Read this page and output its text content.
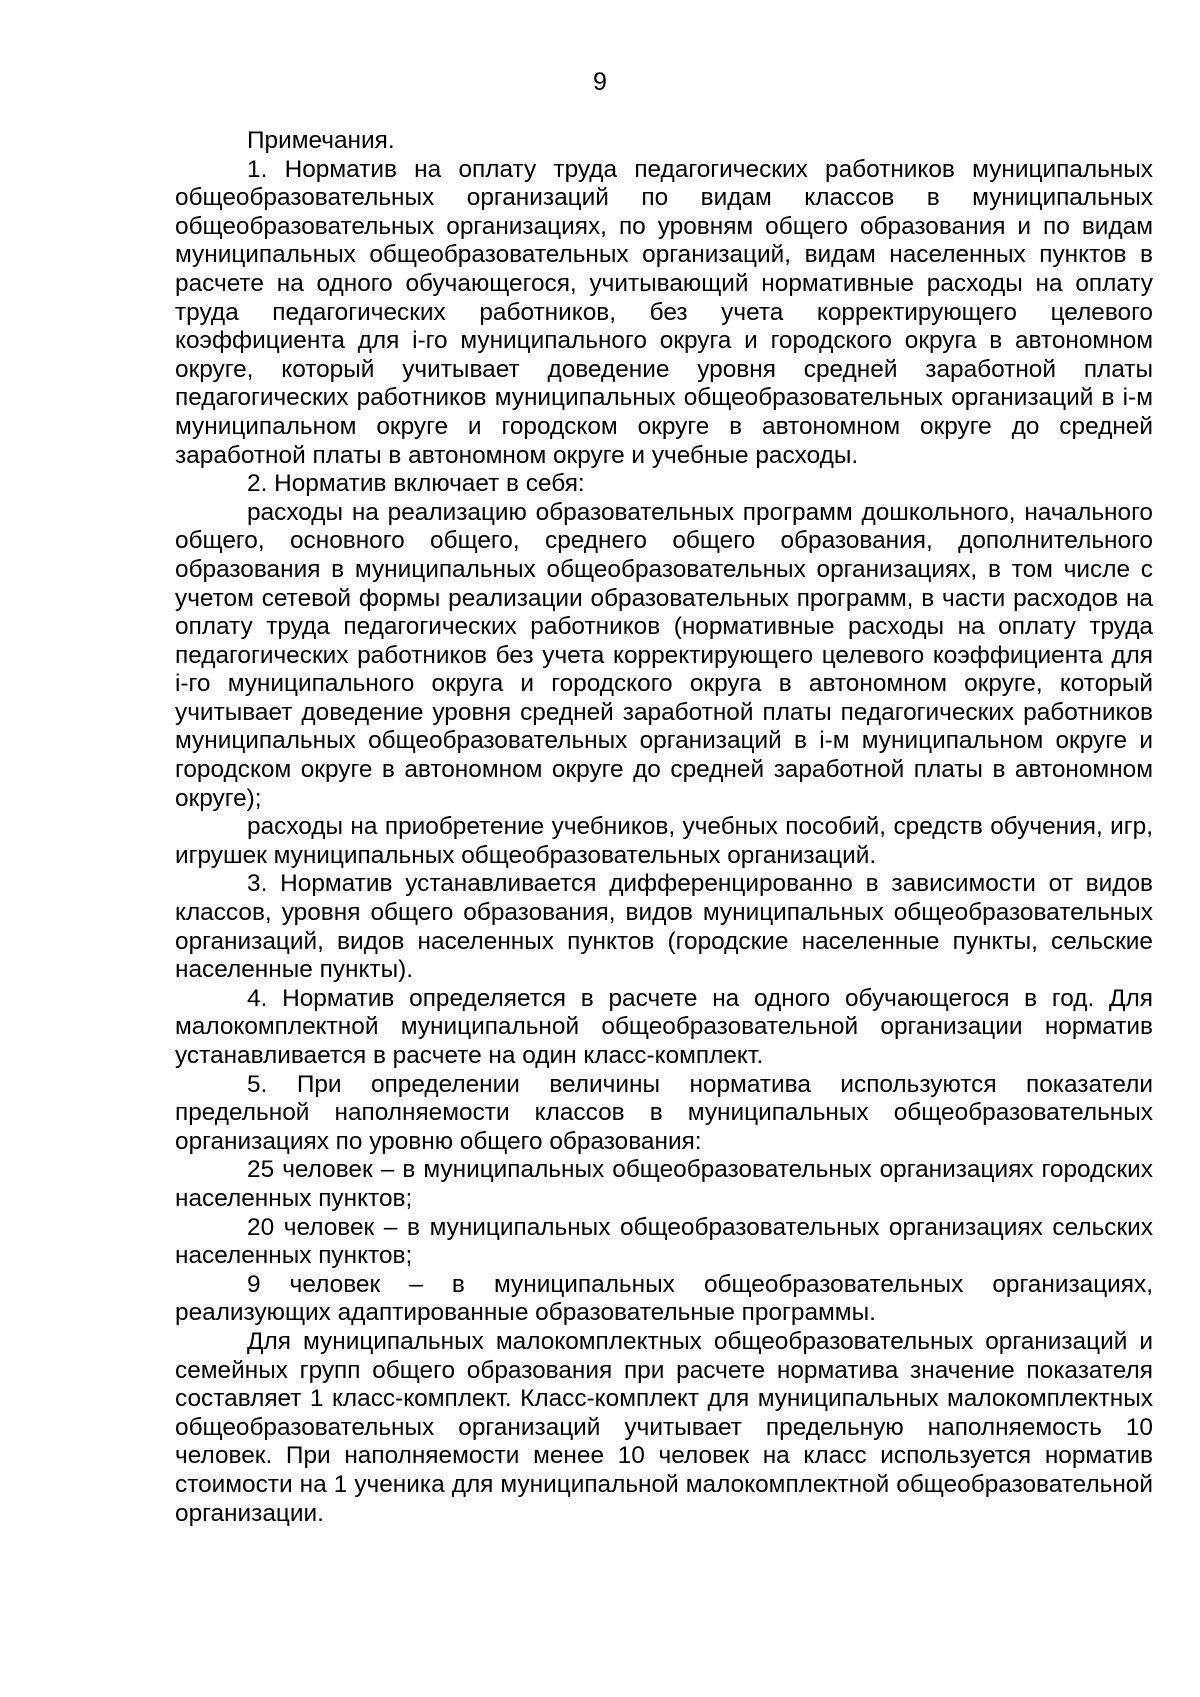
9

Примечания.

1. Норматив на оплату труда педагогических работников муниципальных общеобразовательных организаций по видам классов в муниципальных общеобразовательных организациях, по уровням общего образования и по видам муниципальных общеобразовательных организаций, видам населенных пунктов в расчете на одного обучающегося, учитывающий нормативные расходы на оплату труда педагогических работников, без учета корректирующего целевого коэффициента для i-го муниципального округа и городского округа в автономном округе, который учитывает доведение уровня средней заработной платы педагогических работников муниципальных общеобразовательных организаций в i-м муниципальном округе и городском округе в автономном округе до средней заработной платы в автономном округе и учебные расходы.

2. Норматив включает в себя:

расходы на реализацию образовательных программ дошкольного, начального общего, основного общего, среднего общего образования, дополнительного образования в муниципальных общеобразовательных организациях, в том числе с учетом сетевой формы реализации образовательных программ, в части расходов на оплату труда педагогических работников (нормативные расходы на оплату труда педагогических работников без учета корректирующего целевого коэффициента для i-го муниципального округа и городского округа в автономном округе, который учитывает доведение уровня средней заработной платы педагогических работников муниципальных общеобразовательных организаций в i-м муниципальном округе и городском округе в автономном округе до средней заработной платы в автономном округе);

расходы на приобретение учебников, учебных пособий, средств обучения, игр, игрушек муниципальных общеобразовательных организаций.

3. Норматив устанавливается дифференцированно в зависимости от видов классов, уровня общего образования, видов муниципальных общеобразовательных организаций, видов населенных пунктов (городские населенные пункты, сельские населенные пункты).

4. Норматив определяется в расчете на одного обучающегося в год. Для малокомплектной муниципальной общеобразовательной организации норматив устанавливается в расчете на один класс-комплект.

5. При определении величины норматива используются показатели предельной наполняемости классов в муниципальных общеобразовательных организациях по уровню общего образования:

25 человек – в муниципальных общеобразовательных организациях городских населенных пунктов;

20 человек – в муниципальных общеобразовательных организациях сельских населенных пунктов;

9 человек – в муниципальных общеобразовательных организациях, реализующих адаптированные образовательные программы.

Для муниципальных малокомплектных общеобразовательных организаций и семейных групп общего образования при расчете норматива значение показателя составляет 1 класс-комплект. Класс-комплект для муниципальных малокомплектных общеобразовательных организаций учитывает предельную наполняемость 10 человек. При наполняемости менее 10 человек на класс используется норматив стоимости на 1 ученика для муниципальной малокомплектной общеобразовательной организации.
